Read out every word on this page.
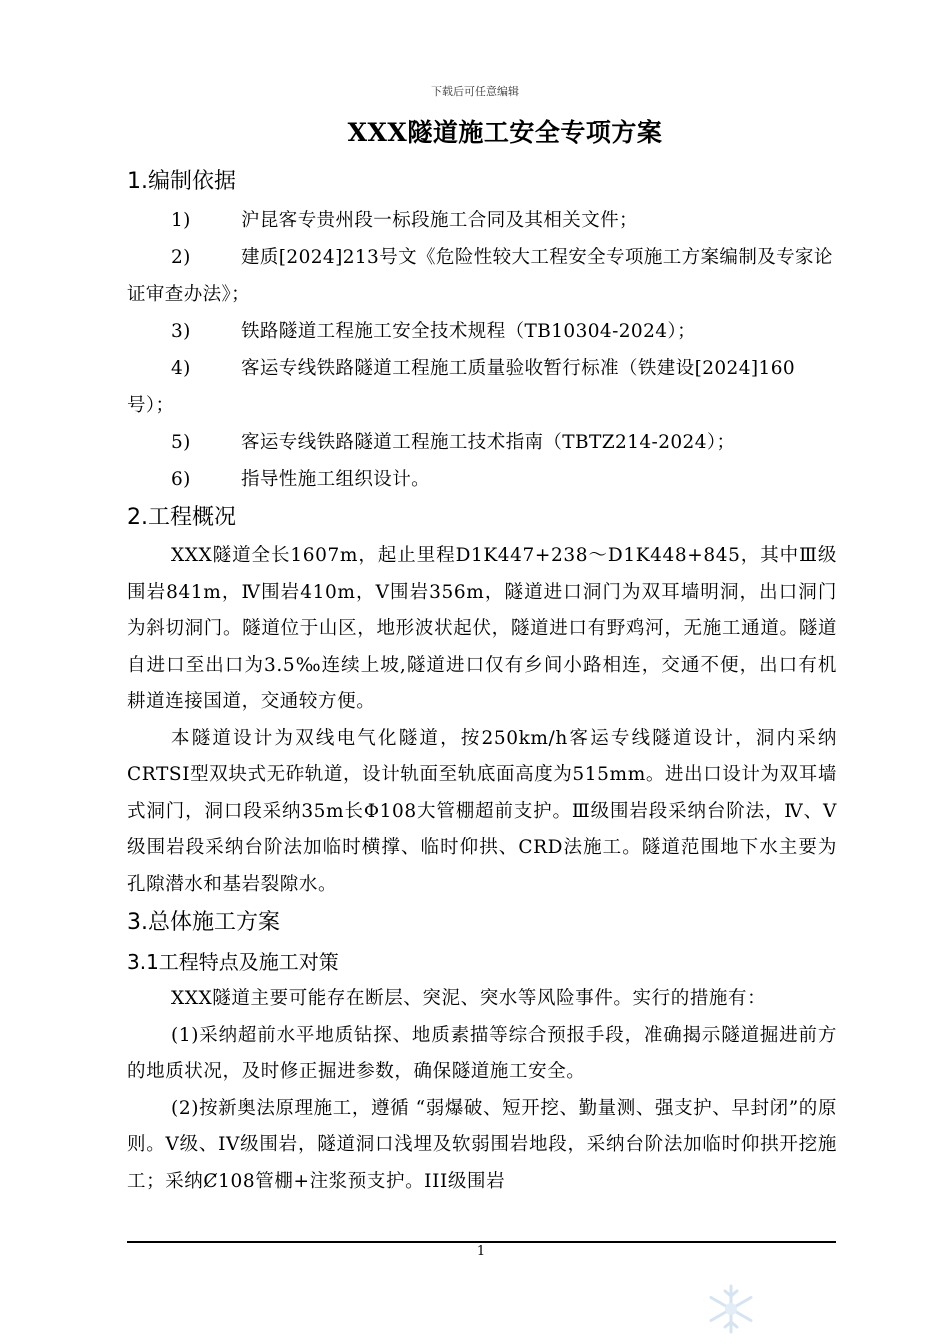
下载后可任意编辑
XXX隧道施工安全专项方案

1.编制依据

1)	沪昆客专贵州段一标段施工合同及其相关文件；

2)	建质[2024]213号文《危险性较大工程安全专项施工方案编制及专家论证审查办法》；

3)	铁路隧道工程施工安全技术规程（TB10304-2024）；

4)	客运专线铁路隧道工程施工质量验收暂行标准（铁建设[2024]160号）；

5)	客运专线铁路隧道工程施工技术指南（TBTZ214-2024）；

6)	指导性施工组织设计。

2.工程概况

XXX隧道全长1607m，起止里程D1K447+238～D1K448+845，其中Ⅲ级围岩841m，Ⅳ围岩410m，Ⅴ围岩356m，隧道进口洞门为双耳墙明洞，出口洞门为斜切洞门。隧道位于山区，地形波状起伏，隧道进口有野鸡河，无施工通道。隧道自进口至出口为3.5‰连续上坡,隧道进口仅有乡间小路相连，交通不便，出口有机耕道连接国道，交通较方便。

本隧道设计为双线电气化隧道，按250km/h客运专线隧道设计，洞内采纳CRTSⅠ型双块式无砟轨道，设计轨面至轨底面高度为515mm。进出口设计为双耳墙式洞门，洞口段采纳35m长Φ108大管棚超前支护。Ⅲ级围岩段采纳台阶法，Ⅳ、Ⅴ级围岩段采纳台阶法加临时横撑、临时仰拱、CRD法施工。隧道范围地下水主要为孔隙潜水和基岩裂隙水。

3.总体施工方案

3.1工程特点及施工对策

XXX隧道主要可能存在断层、突泥、突水等风险事件。实行的措施有：

(1)采纳超前水平地质钻探、地质素描等综合预报手段，准确揭示隧道掘进前方的地质状况，及时修正掘进参数，确保隧道施工安全。

(2)按新奥法原理施工，遵循 “弱爆破、短开挖、勤量测、强支护、早封闭”的原则。Ⅴ级、IV级围岩，隧道洞口浅埋及软弱围岩地段，采纳台阶法加临时仰拱开挖施工；采纳Ȼ108管棚+注浆预支护。III级围岩

1
